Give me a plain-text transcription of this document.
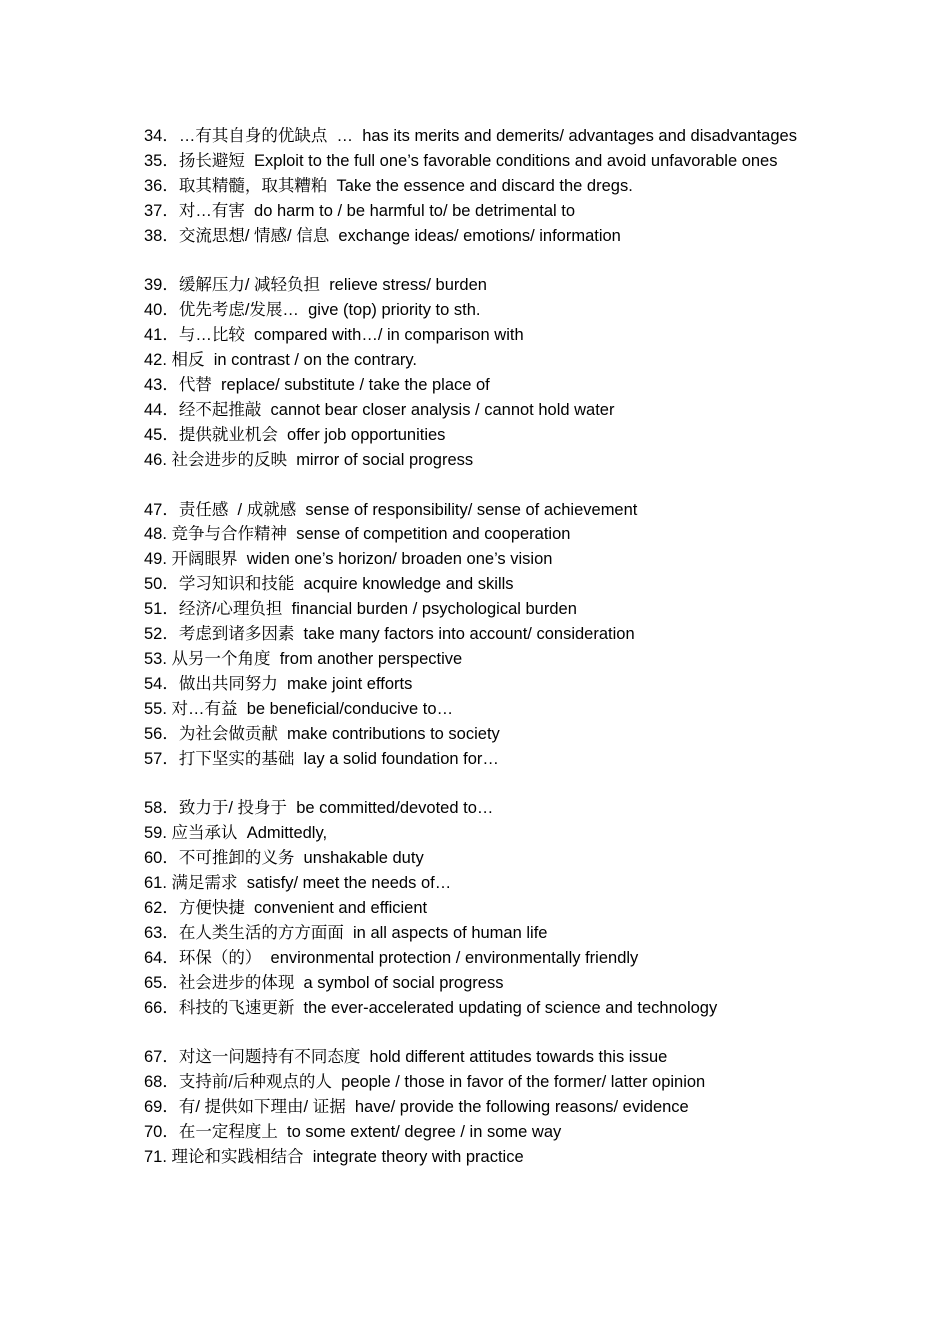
34．…有其自身的优缺点  …  has its merits and demerits/ advantages and disadvantages
35．扬长避短  Exploit to the full one’s favorable conditions and avoid unfavorable ones
36．取其精髓，取其糟粕  Take the essence and discard the dregs.
37．对…有害  do harm to / be harmful to/ be detrimental to
38．交流思想/ 情感/ 信息  exchange ideas/ emotions/ information
39．缓解压力/ 减轻负担  relieve stress/ burden
40．优先考虑/发展…  give (top) priority to sth.
41．与…比较  compared with…/ in comparison with
42. 相反  in contrast / on the contrary.
43．代替  replace/ substitute / take the place of
44．经不起推敲  cannot bear closer analysis / cannot hold water
45．提供就业机会  offer job opportunities
46. 社会进步的反映  mirror of social progress
47．责任感  / 成就感  sense of responsibility/ sense of achievement
48. 竞争与合作精神  sense of competition and cooperation
49. 开阔眼界  widen one’s horizon/ broaden one’s vision
50．学习知识和技能  acquire knowledge and skills
51．经济/心理负担  financial burden / psychological burden
52．考虑到诸多因素  take many factors into account/ consideration
53. 从另一个角度  from another perspective
54．做出共同努力  make joint efforts
55. 对…有益  be beneficial/conducive to…
56．为社会做贡献  make contributions to society
57．打下坚实的基础  lay a solid foundation for…
58．致力于/ 投身于  be committed/devoted to…
59. 应当承认  Admittedly,
60．不可推卸的义务  unshakable duty
61. 满足需求  satisfy/ meet the needs of…
62．方便快捷  convenient and efficient
63．在人类生活的方方面面  in all aspects of human life
64．环保（的）  environmental protection / environmentally friendly
65．社会进步的体现  a symbol of social progress
66．科技的飞速更新  the ever-accelerated updating of science and technology
67．对这一问题持有不同态度  hold different attitudes towards this issue
68．支持前/后种观点的人  people / those in favor of the former/ latter opinion
69．有/ 提供如下理由/ 证据  have/ provide the following reasons/ evidence
70．在一定程度上  to some extent/ degree / in some way
71. 理论和实践相结合  integrate theory with practice
